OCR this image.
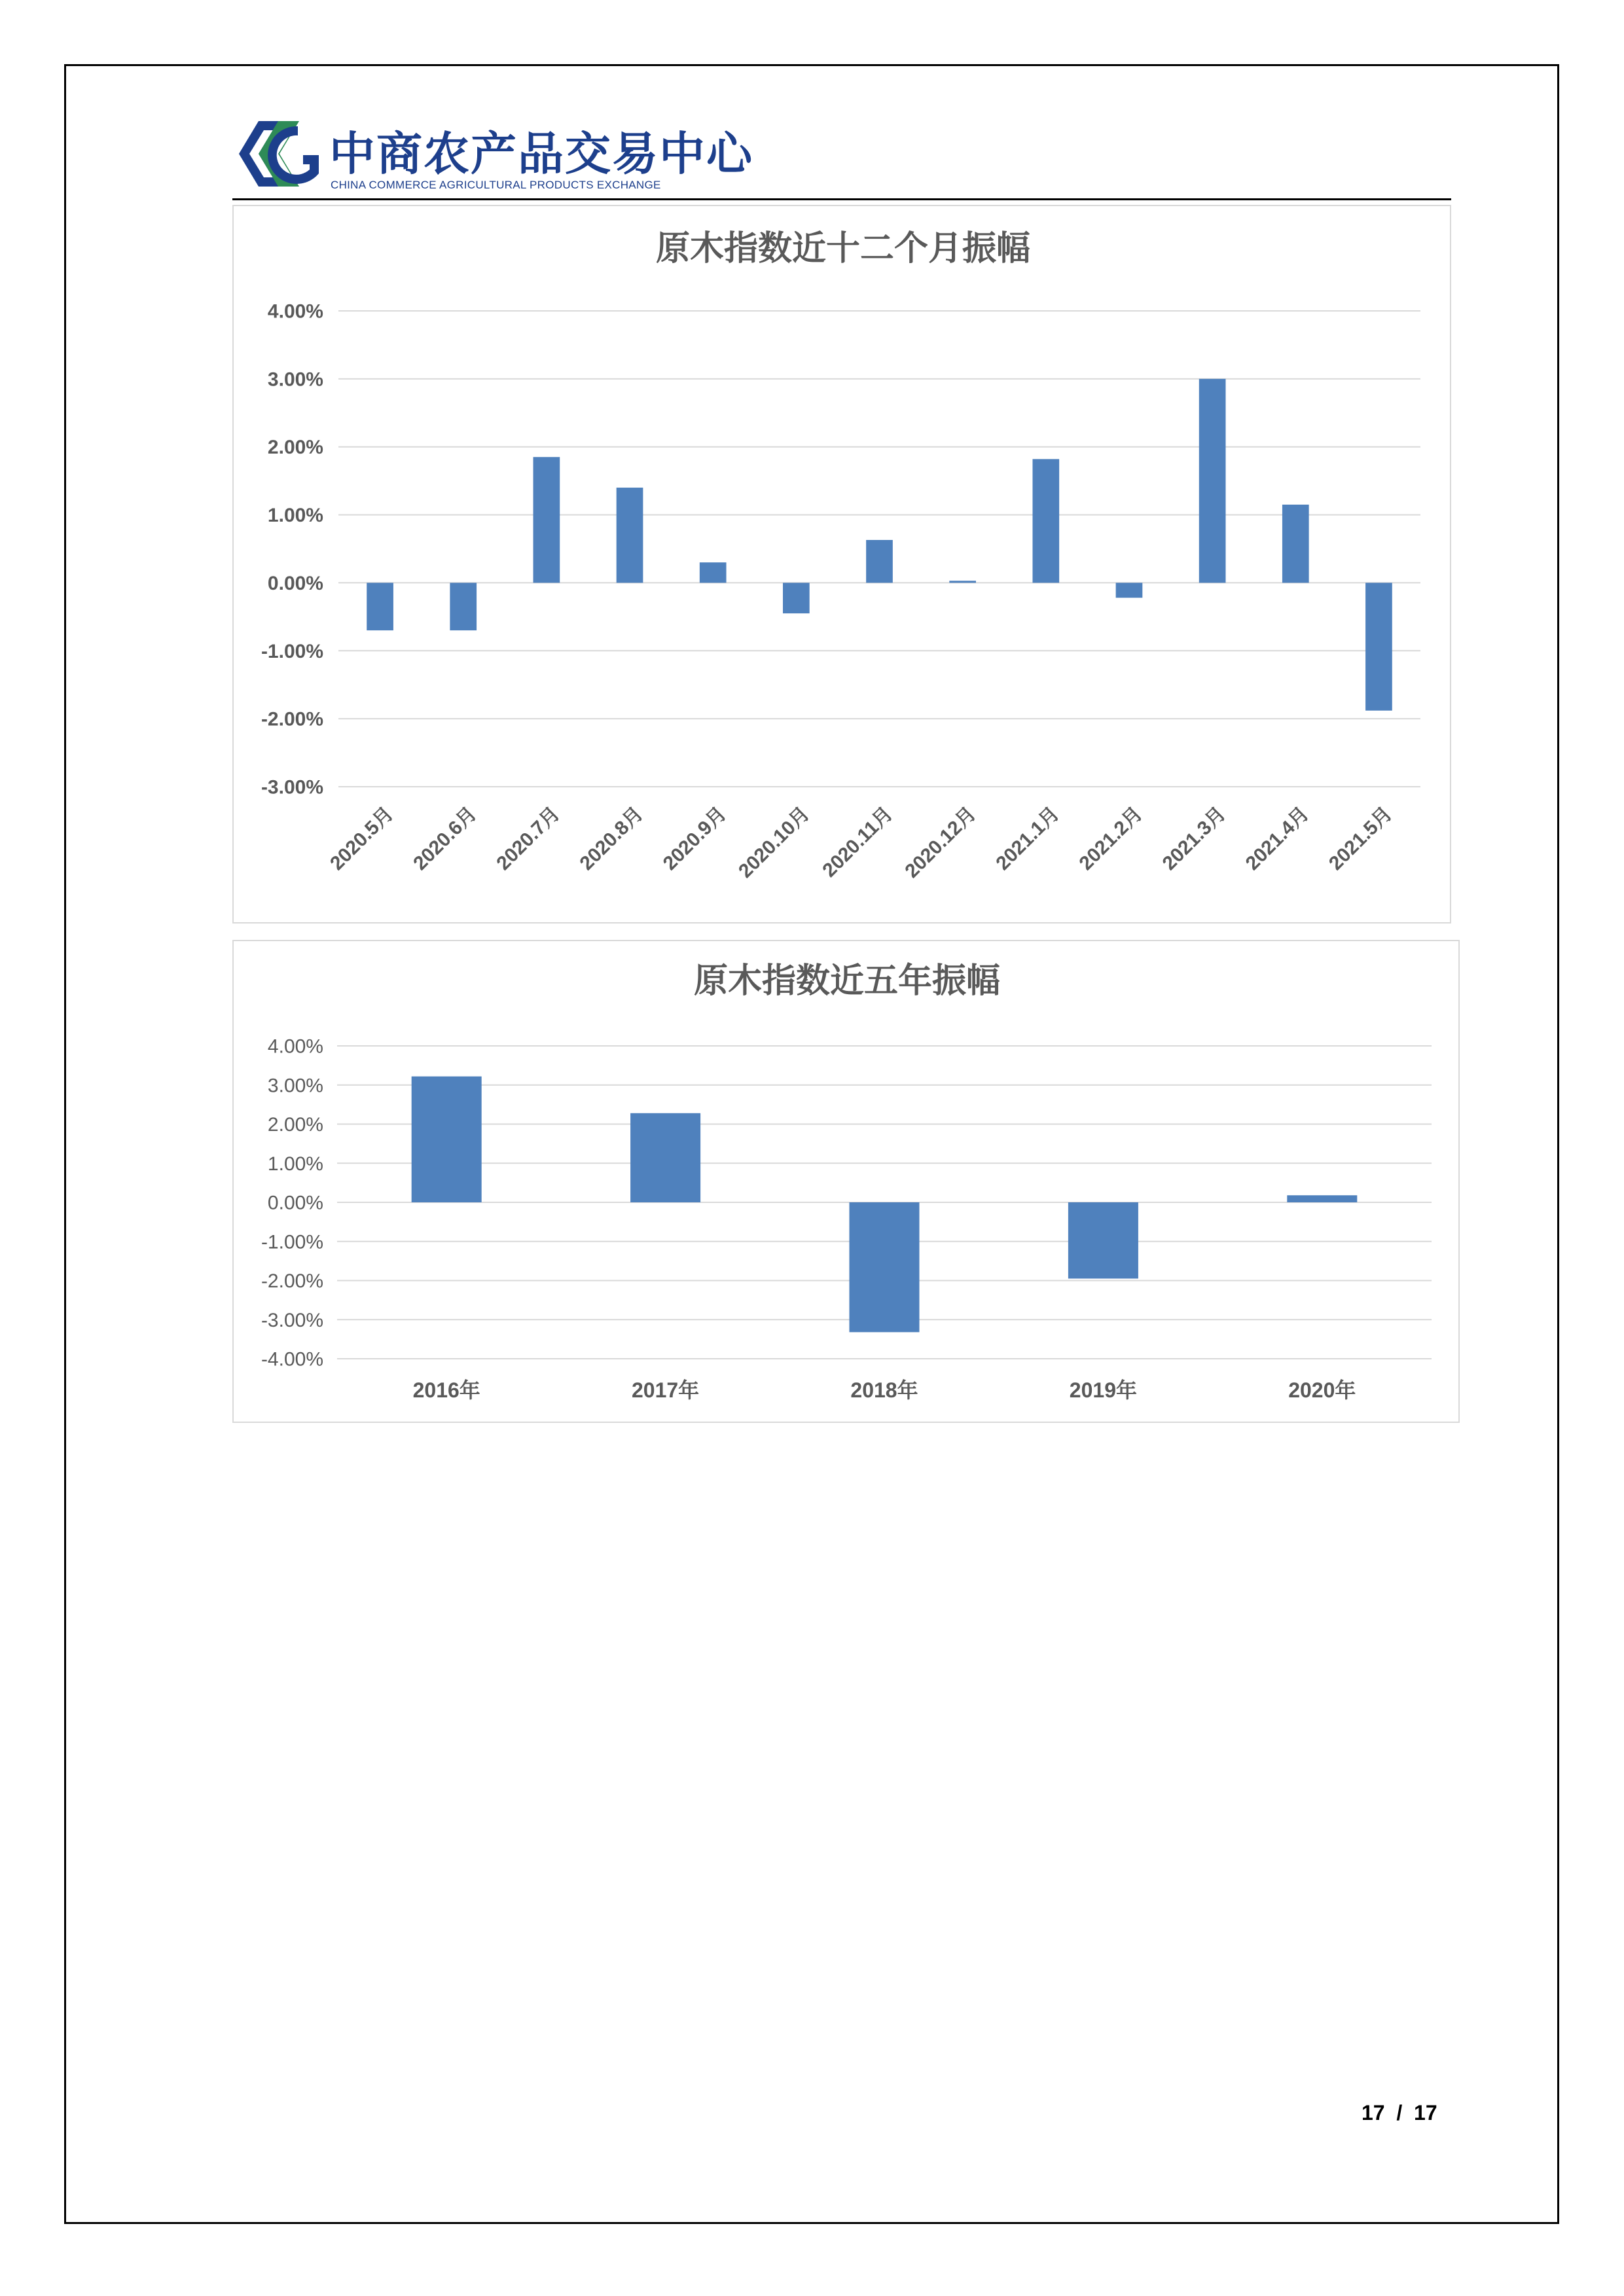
中商农产品交易中心
CHINA COMMERCE AGRICULTURAL PRODUCTS EXCHANGE
原木指数近十二个月振幅
4.00%
3.00%
2.00%
1.00%
0.00%
-1.00%
-2.00%
-3.00%
2020.5月 2020.6月 2020.7月 2020.8月 2020.9月 2020.10月 2020.11月 2020.12月 2021.1月 2021.2月 2021.3月 2021.4月 2021.5月
原木指数近五年振幅
4.00%
3.00%
2.00%
1.00%
0.00%
-1.00%
-2.00%
-3.00%
-4.00%
2016年	2017年	2018年	2019年	2020年
17  /  17
